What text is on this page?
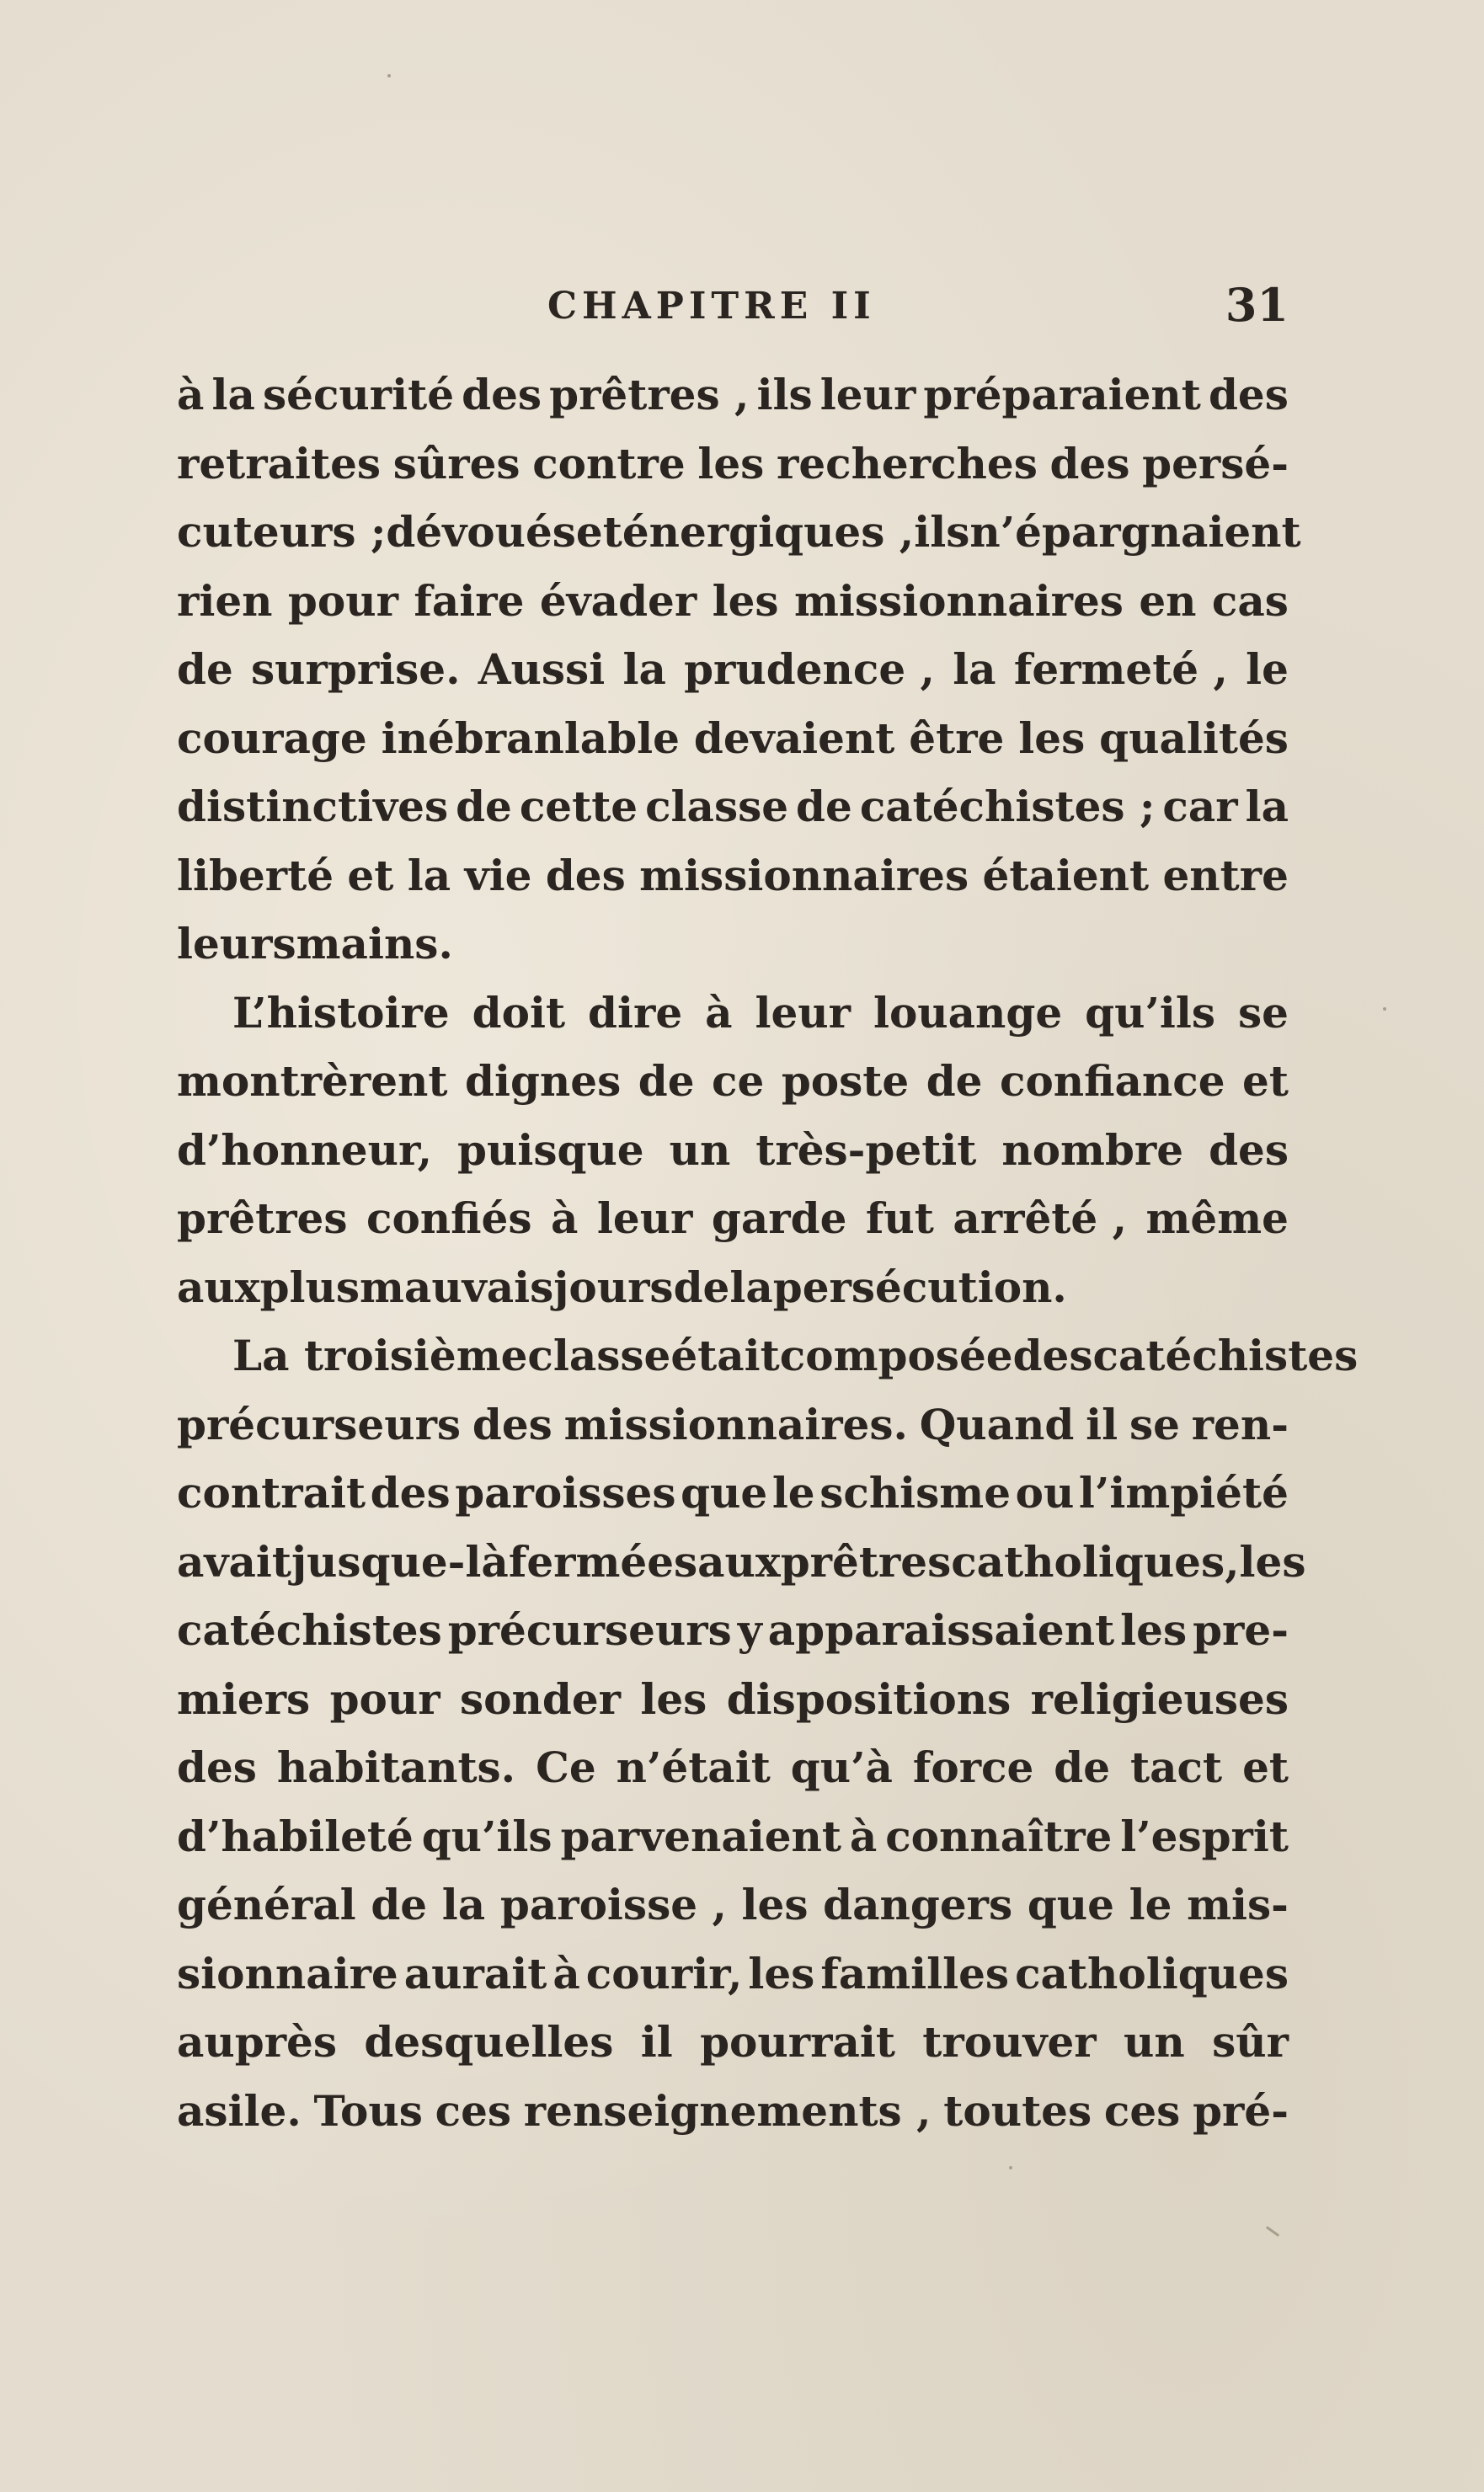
CHAPITRE II	31
à la sécurité des prêtres , ils leur préparaient des
retraites sûres contre les recherches des persé-
cuteurs ; dévoués et énergiques , ils n’épargnaient
rien pour faire évader les missionnaires en cas
de surprise. Aussi la prudence , la fermeté , le
courage inébranlable devaient être les qualités
distinctives de cette classe de catéchistes ; car la
liberté et la vie des missionnaires étaient entre
leurs mains.
L’histoire doit dire à leur louange qu’ils se
montrèrent dignes de ce poste de confiance et
d’honneur, puisque un très-petit nombre des
prêtres confiés à leur garde fut arrêté , même
aux plus mauvais jours de la persécution.
La troisième classe était composée des catéchistes
précurseurs des missionnaires. Quand il se ren-
contrait des paroisses que le schisme ou l’impiété
avait jusque-là fermées aux prêtres catholiques, les
catéchistes précurseurs y apparaissaient les pre-
miers pour sonder les dispositions religieuses
des habitants. Ce n’était qu’à force de tact et
d’habileté qu’ils parvenaient à connaître l’esprit
général de la paroisse , les dangers que le mis-
sionnaire aurait à courir, les familles catholiques
auprès desquelles il pourrait trouver un sûr
asile. Tous ces renseignements , toutes ces pré-
